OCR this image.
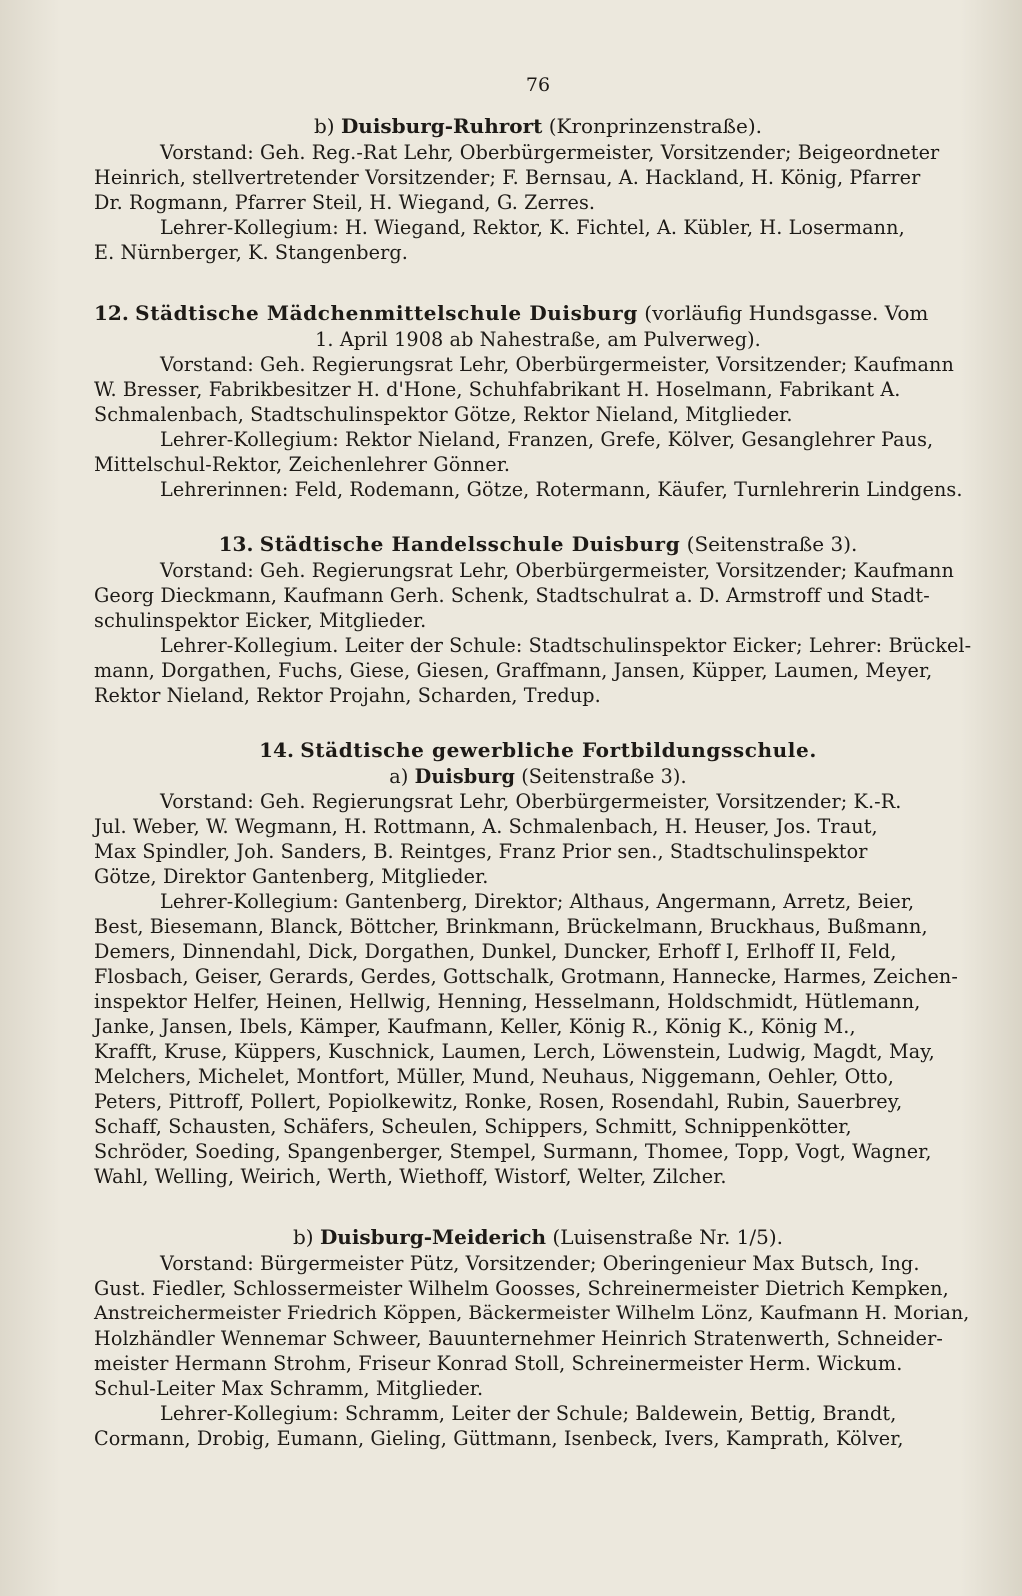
76
b) Duisburg-Ruhrort (Kronprinzenstraße).
Vorstand: Geh. Reg.-Rat Lehr, Oberbürgermeister, Vorsitzender; Beigeordneter
Heinrich, stellvertretender Vorsitzender; F. Bernsau, A. Hackland, H. König, Pfarrer
Dr. Rogmann, Pfarrer Steil, H. Wiegand, G. Zerres.
Lehrer-Kollegium: H. Wiegand, Rektor, K. Fichtel, A. Kübler, H. Losermann,
E. Nürnberger, K. Stangenberg.
12. Städtische Mädchenmittelschule Duisburg (vorläufig Hundsgasse. Vom
1. April 1908 ab Nahestraße, am Pulverweg).
Vorstand: Geh. Regierungsrat Lehr, Oberbürgermeister, Vorsitzender; Kaufmann
W. Bresser, Fabrikbesitzer H. d'Hone, Schuhfabrikant H. Hoselmann, Fabrikant A.
Schmalenbach, Stadtschulinspektor Götze, Rektor Nieland, Mitglieder.
Lehrer-Kollegium: Rektor Nieland, Franzen, Grefe, Kölver, Gesanglehrer Paus,
Mittelschul-Rektor, Zeichenlehrer Gönner.
Lehrerinnen: Feld, Rodemann, Götze, Rotermann, Käufer, Turnlehrerin Lindgens.
13. Städtische Handelsschule Duisburg (Seitenstraße 3).
Vorstand: Geh. Regierungsrat Lehr, Oberbürgermeister, Vorsitzender; Kaufmann
Georg Dieckmann, Kaufmann Gerh. Schenk, Stadtschulrat a. D. Armstroff und Stadt-
schulinspektor Eicker, Mitglieder.
Lehrer-Kollegium. Leiter der Schule: Stadtschulinspektor Eicker; Lehrer: Brückel-
mann, Dorgathen, Fuchs, Giese, Giesen, Graffmann, Jansen, Küpper, Laumen, Meyer,
Rektor Nieland, Rektor Projahn, Scharden, Tredup.
14. Städtische gewerbliche Fortbildungsschule.
a) Duisburg (Seitenstraße 3).
Vorstand: Geh. Regierungsrat Lehr, Oberbürgermeister, Vorsitzender; K.-R.
Jul. Weber, W. Wegmann, H. Rottmann, A. Schmalenbach, H. Heuser, Jos. Traut,
Max Spindler, Joh. Sanders, B. Reintges, Franz Prior sen., Stadtschulinspektor
Götze, Direktor Gantenberg, Mitglieder.
Lehrer-Kollegium: Gantenberg, Direktor; Althaus, Angermann, Arretz, Beier,
Best, Biesemann, Blanck, Böttcher, Brinkmann, Brückelmann, Bruckhaus, Bußmann,
Demers, Dinnendahl, Dick, Dorgathen, Dunkel, Duncker, Erhoff I, Erlhoff II, Feld,
Flosbach, Geiser, Gerards, Gerdes, Gottschalk, Grotmann, Hannecke, Harmes, Zeichen-
inspektor Helfer, Heinen, Hellwig, Henning, Hesselmann, Holdschmidt, Hütlemann,
Janke, Jansen, Ibels, Kämper, Kaufmann, Keller, König R., König K., König M.,
Krafft, Kruse, Küppers, Kuschnick, Laumen, Lerch, Löwenstein, Ludwig, Magdt, May,
Melchers, Michelet, Montfort, Müller, Mund, Neuhaus, Niggemann, Oehler, Otto,
Peters, Pittroff, Pollert, Popiolkewitz, Ronke, Rosen, Rosendahl, Rubin, Sauerbrey,
Schaff, Schausten, Schäfers, Scheulen, Schippers, Schmitt, Schnippenkötter,
Schröder, Soeding, Spangenberger, Stempel, Surmann, Thomee, Topp, Vogt, Wagner,
Wahl, Welling, Weirich, Werth, Wiethoff, Wistorf, Welter, Zilcher.
b) Duisburg-Meiderich (Luisenstraße Nr. 1/5).
Vorstand: Bürgermeister Pütz, Vorsitzender; Oberingenieur Max Butsch, Ing.
Gust. Fiedler, Schlossermeister Wilhelm Goosses, Schreinermeister Dietrich Kempken,
Anstreichermeister Friedrich Köppen, Bäckermeister Wilhelm Lönz, Kaufmann H. Morian,
Holzhändler Wennemar Schweer, Bauunternehmer Heinrich Stratenwerth, Schneider-
meister Hermann Strohm, Friseur Konrad Stoll, Schreinermeister Herm. Wickum.
Schul-Leiter Max Schramm, Mitglieder.
Lehrer-Kollegium: Schramm, Leiter der Schule; Baldewein, Bettig, Brandt,
Cormann, Drobig, Eumann, Gieling, Güttmann, Isenbeck, Ivers, Kamprath, Kölver,
